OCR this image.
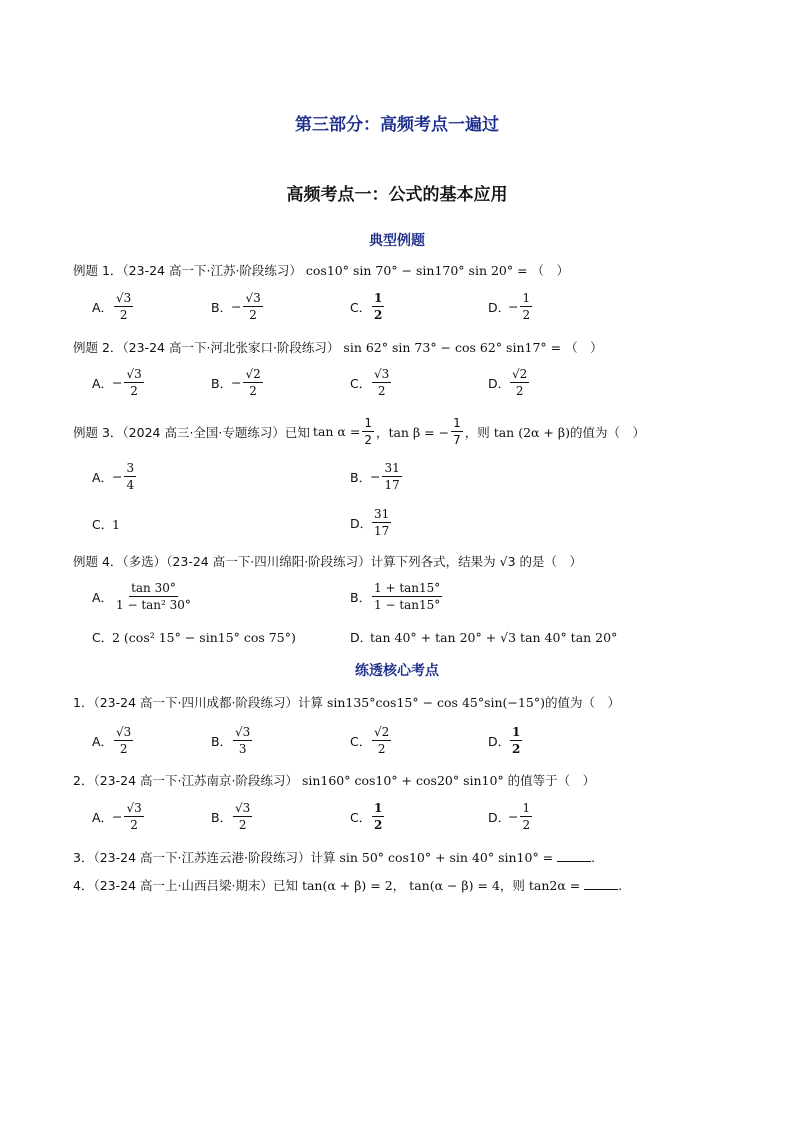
第三部分：高频考点一遍过
高频考点一：公式的基本应用
典型例题
例题 1．（23-24 高一下·江苏·阶段练习） cos10° sin 70° − sin170° sin 20° = （　）
A． $\frac{√3}{2}$	B．
− $\frac{√3}{2}$	C． $\frac{1}{2}$	D．
− $\frac{1}{2}$
例题 2．（23-24 高一下·河北张家口·阶段练习） sin 62° sin 73° − cos 62° sin17° = （　）
A．
− $\frac{√3}{2}$	B．
− $\frac{√2}{2}$	C． $\frac{√3}{2}$	D． $\frac{√2}{2}$
例题 3．（2024 高三·全国·专题练习）已知 $\tan \alpha = \frac{1}{2}$ ，tan β = − $\frac{1}{7}$ ，则 tan (2α + β)的值为（　）
A．
− $\frac{3}{4}$	B．
− $\frac{31}{17}$
C．
1	D． $\frac{31}{17}$
例题 4．（多选）（23-24 高一下·四川绵阳·阶段练习）计算下列各式，结果为 √3 的是（　）
A． $\frac{\tan 30^\circ}{\text{1 − tan² 30°}}$	B． $\frac{1 + \tan 15^\circ}{1 - \tan 15^\circ}$
C．
2 (cos² 15° − sin15° cos 75°)	D．
tan 40° + tan 20° + √3 tan 40° tan 20°
练透核心考点
1．（23-24 高一下·四川成都·阶段练习）计算 sin135°cos15° − cos 45°sin(−15°)的值为（　）
A． $\frac{√3}{2}$	B． $\frac{√3}{3}$	C． $\frac{√2}{2}$	D． $\frac{1}{2}$
2．（23-24 高一下·江苏南京·阶段练习） sin160° cos10° + cos20° sin10° 的值等于（　）
A．
− $\frac{√3}{2}$	B． $\frac{√3}{2}$	C． $\frac{1}{2}$	D．
− $\frac{1}{2}$
3．（23-24 高一下·江苏连云港·阶段练习）计算 sin 50° cos10° + sin 40° sin10° =	.
4．（23-24 高一上·山西吕梁·期末）已知 tan(α + β) = 2， tan(α − β) = 4，则 tan2α =	.
